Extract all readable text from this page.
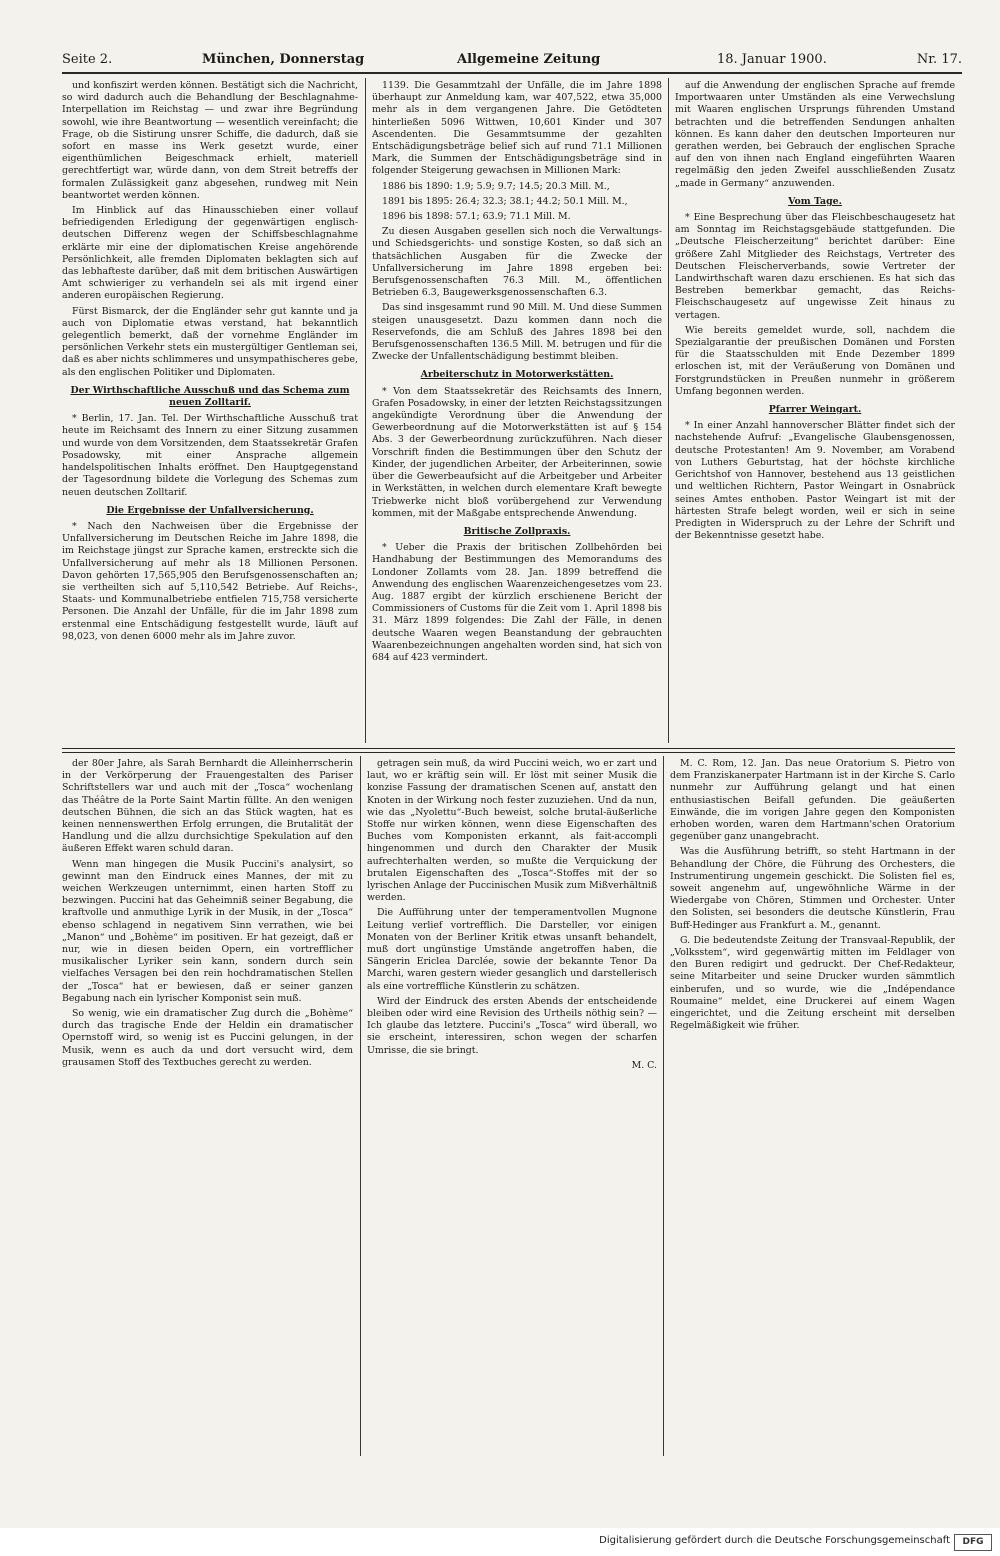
Seite 2.	München, Donnerstag	Allgemeine Zeitung	18. Januar 1900.	Nr. 17.

und konfiszirt werden können. Bestätigt sich die Nachricht, so wird dadurch auch die Behandlung der Beschlagnahme-Interpellation im Reichstag — und zwar ihre Begründung sowohl, wie ihre Beantwortung — wesentlich vereinfacht; die Frage, ob die Sistirung unsrer Schiffe, die dadurch, daß sie sofort en masse ins Werk gesetzt wurde, einer eigenthümlichen Beigeschmack erhielt, materiell gerechtfertigt war, würde dann, von dem Streit betreffs der formalen Zulässigkeit ganz abgesehen, rundweg mit Nein beantwortet werden können.

Im Hinblick auf das Hinausschieben einer vollauf befriedigenden Erledigung der gegenwärtigen englisch-deutschen Differenz wegen der Schiffsbeschlagnahme erklärte mir eine der diplomatischen Kreise angehörende Persönlichkeit, alle fremden Diplomaten beklagten sich auf das lebhafteste darüber, daß mit dem britischen Auswärtigen Amt schwieriger zu verhandeln sei als mit irgend einer anderen europäischen Regierung.

Fürst Bismarck, der die Engländer sehr gut kannte und ja auch von Diplomatie etwas verstand, hat bekanntlich gelegentlich bemerkt, daß der vornehme Engländer im persönlichen Verkehr stets ein mustergültiger Gentleman sei, daß es aber nichts schlimmeres und unsympathischeres gebe, als den englischen Politiker und Diplomaten.

Der Wirthschaftliche Ausschuß und das Schema zum neuen Zolltarif.

* Berlin, 17. Jan. Tel. Der Wirthschaftliche Ausschuß trat heute im Reichsamt des Innern zu einer Sitzung zusammen und wurde von dem Vorsitzenden, dem Staatssekretär Grafen Posadowsky, mit einer Ansprache allgemein handelspolitischen Inhalts eröffnet. Den Hauptgegenstand der Tagesordnung bildete die Vorlegung des Schemas zum neuen deutschen Zolltarif.

Die Ergebnisse der Unfallversicherung.

* Nach den Nachweisen über die Ergebnisse der Unfallversicherung im Deutschen Reiche im Jahre 1898, die im Reichstage jüngst zur Sprache kamen, erstreckte sich die Unfallversicherung auf mehr als 18 Millionen Personen. Davon gehörten 17,565,905 den Berufsgenossenschaften an; sie vertheilten sich auf 5,110,542 Betriebe. Auf Reichs-, Staats- und Kommunalbetriebe entfielen 715,758 versicherte Personen. Die Anzahl der Unfälle, für die im Jahr 1898 zum erstenmal eine Entschädigung festgestellt wurde, läuft auf 98,023, von denen 6000 mehr als im Jahre zuvor.

1139. Die Gesammtzahl der Unfälle, die im Jahre 1898 überhaupt zur Anmeldung kam, war 407,522, etwa 35,000 mehr als in dem vergangenen Jahre. Die Getödteten hinterließen 5096 Wittwen, 10,601 Kinder und 307 Ascendenten. Die Gesammtsumme der gezahlten Entschädigungsbeträge belief sich auf rund 71.1 Millionen Mark, die Summen der Entschädigungsbeträge sind in folgender Steigerung gewachsen in Millionen Mark:

1886 bis 1890: 1.9; 5.9; 9.7; 14.5; 20.3 Mill. M.,

1891 bis 1895: 26.4; 32.3; 38.1; 44.2; 50.1 Mill. M.,

1896 bis 1898: 57.1; 63.9; 71.1 Mill. M.

Zu diesen Ausgaben gesellen sich noch die Verwaltungs- und Schiedsgerichts- und sonstige Kosten, so daß sich an thatsächlichen Ausgaben für die Zwecke der Unfallversicherung im Jahre 1898 ergeben bei: Berufsgenossenschaften 76.3 Mill. M., öffentlichen Betrieben 6.3, Baugewerksgenossenschaften 6.3.

Das sind insgesammt rund 90 Mill. M. Und diese Summen steigen unausgesetzt. Dazu kommen dann noch die Reservefonds, die am Schluß des Jahres 1898 bei den Berufsgenossenschaften 136.5 Mill. M. betrugen und für die Zwecke der Unfallentschädigung bestimmt bleiben.

Arbeiterschutz in Motorwerkstätten.

* Von dem Staatssekretär des Reichsamts des Innern, Grafen Posadowsky, in einer der letzten Reichstagssitzungen angekündigte Verordnung über die Anwendung der Gewerbeordnung auf die Motorwerkstätten ist auf § 154 Abs. 3 der Gewerbeordnung zurückzuführen. Nach dieser Vorschrift finden die Bestimmungen über den Schutz der Kinder, der jugendlichen Arbeiter, der Arbeiterinnen, sowie über die Gewerbeaufsicht auf die Arbeitgeber und Arbeiter in Werkstätten, in welchen durch elementare Kraft bewegte Triebwerke nicht bloß vorübergehend zur Verwendung kommen, mit der Maßgabe entsprechende Anwendung.

Britische Zollpraxis.

* Ueber die Praxis der britischen Zollbehörden bei Handhabung der Bestimmungen des Memorandums des Londoner Zollamts vom 28. Jan. 1899 betreffend die Anwendung des englischen Waarenzeichengesetzes vom 23. Aug. 1887 ergibt der kürzlich erschienene Bericht der Commissioners of Customs für die Zeit vom 1. April 1898 bis 31. März 1899 folgendes: Die Zahl der Fälle, in denen deutsche Waaren wegen Beanstandung der gebrauchten Waarenbezeichnungen angehalten worden sind, hat sich von 684 auf 423 vermindert.

auf die Anwendung der englischen Sprache auf fremde Importwaaren unter Umständen als eine Verwechslung mit Waaren englischen Ursprungs führenden Umstand betrachten und die betreffenden Sendungen anhalten können. Es kann daher den deutschen Importeuren nur gerathen werden, bei Gebrauch der englischen Sprache auf den von ihnen nach England eingeführten Waaren regelmäßig den jeden Zweifel ausschließenden Zusatz „made in Germany“ anzuwenden.

Vom Tage.

* Eine Besprechung über das Fleischbeschaugesetz hat am Sonntag im Reichstagsgebäude stattgefunden. Die „Deutsche Fleischerzeitung“ berichtet darüber: Eine größere Zahl Mitglieder des Reichstags, Vertreter des Deutschen Fleischerverbands, sowie Vertreter der Landwirthschaft waren dazu erschienen. Es hat sich das Bestreben bemerkbar gemacht, das Reichs-Fleischschaugesetz auf ungewisse Zeit hinaus zu vertagen.

Wie bereits gemeldet wurde, soll, nachdem die Spezialgarantie der preußischen Domänen und Forsten für die Staatsschulden mit Ende Dezember 1899 erloschen ist, mit der Veräußerung von Domänen und Forstgrundstücken in Preußen nunmehr in größerem Umfang begonnen werden.

Pfarrer Weingart.

* In einer Anzahl hannoverscher Blätter findet sich der nachstehende Aufruf: „Evangelische Glaubensgenossen, deutsche Protestanten! Am 9. November, am Vorabend von Luthers Geburtstag, hat der höchste kirchliche Gerichtshof von Hannover, bestehend aus 13 geistlichen und weltlichen Richtern, Pastor Weingart in Osnabrück seines Amtes enthoben. Pastor Weingart ist mit der härtesten Strafe belegt worden, weil er sich in seine Predigten in Widerspruch zu der Lehre der Schrift und der Bekenntnisse gesetzt habe.

der 80er Jahre, als Sarah Bernhardt die Alleinherrscherin in der Verkörperung der Frauengestalten des Pariser Schriftstellers war und auch mit der „Tosca“ wochenlang das Théâtre de la Porte Saint Martin füllte. An den wenigen deutschen Bühnen, die sich an das Stück wagten, hat es keinen nennenswerthen Erfolg errungen, die Brutalität der Handlung und die allzu durchsichtige Spekulation auf den äußeren Effekt waren schuld daran.

Wenn man hingegen die Musik Puccini's analysirt, so gewinnt man den Eindruck eines Mannes, der mit zu weichen Werkzeugen unternimmt, einen harten Stoff zu bezwingen. Puccini hat das Geheimniß seiner Begabung, die kraftvolle und anmuthige Lyrik in der Musik, in der „Tosca“ ebenso schlagend in negativem Sinn verrathen, wie bei „Manon“ und „Bohème“ im positiven. Er hat gezeigt, daß er nur, wie in diesen beiden Opern, ein vortrefflicher musikalischer Lyriker sein kann, sondern durch sein vielfaches Versagen bei den rein hochdramatischen Stellen der „Tosca“ hat er bewiesen, daß er seiner ganzen Begabung nach ein lyrischer Komponist sein muß.

So wenig, wie ein dramatischer Zug durch die „Bohème“ durch das tragische Ende der Heldin ein dramatischer Opernstoff wird, so wenig ist es Puccini gelungen, in der Musik, wenn es auch da und dort versucht wird, dem grausamen Stoff des Textbuches gerecht zu werden.

getragen sein muß, da wird Puccini weich, wo er zart und laut, wo er kräftig sein will. Er löst mit seiner Musik die konzise Fassung der dramatischen Scenen auf, anstatt den Knoten in der Wirkung noch fester zuzuziehen. Und da nun, wie das „Nyolettu“-Buch beweist, solche brutal-äußerliche Stoffe nur wirken können, wenn diese Eigenschaften des Buches vom Komponisten erkannt, als fait-accompli hingenommen und durch den Charakter der Musik aufrechterhalten werden, so mußte die Verquickung der brutalen Eigenschaften des „Tosca“-Stoffes mit der so lyrischen Anlage der Puccinischen Musik zum Mißverhältniß werden.

Die Aufführung unter der temperamentvollen Mugnone Leitung verlief vortrefflich. Die Darsteller, vor einigen Monaten von der Berliner Kritik etwas unsanft behandelt, muß dort ungünstige Umstände angetroffen haben, die Sängerin Ericlea Darclée, sowie der bekannte Tenor Da Marchi, waren gestern wieder gesanglich und darstellerisch als eine vortreffliche Künstlerin zu schätzen.

Wird der Eindruck des ersten Abends der entscheidende bleiben oder wird eine Revision des Urtheils nöthig sein? — Ich glaube das letztere. Puccini's „Tosca“ wird überall, wo sie erscheint, interessiren, schon wegen der scharfen Umrisse, die sie bringt.

M. C.

M. C. Rom, 12. Jan. Das neue Oratorium S. Pietro von dem Franziskanerpater Hartmann ist in der Kirche S. Carlo nunmehr zur Aufführung gelangt und hat einen enthusiastischen Beifall gefunden. Die geäußerten Einwände, die im vorigen Jahre gegen den Komponisten erhoben worden, waren dem Hartmann'schen Oratorium gegenüber ganz unangebracht.

Was die Ausführung betrifft, so steht Hartmann in der Behandlung der Chöre, die Führung des Orchesters, die Instrumentirung ungemein geschickt. Die Solisten fiel es, soweit angenehm auf, ungewöhnliche Wärme in der Wiedergabe von Chören, Stimmen und Orchester. Unter den Solisten, sei besonders die deutsche Künstlerin, Frau Buff-Hedinger aus Frankfurt a. M., genannt.

G. Die bedeutendste Zeitung der Transvaal-Republik, der „Volksstem“, wird gegenwärtig mitten im Feldlager von den Buren redigirt und gedruckt. Der Chef-Redakteur, seine Mitarbeiter und seine Drucker wurden sämmtlich einberufen, und so wurde, wie die „Indépendance Roumaine“ meldet, eine Druckerei auf einem Wagen eingerichtet, und die Zeitung erscheint mit derselben Regelmäßigkeit wie früher.

Digitalisierung gefördert durch die Deutsche Forschungsgemeinschaft	DFG
